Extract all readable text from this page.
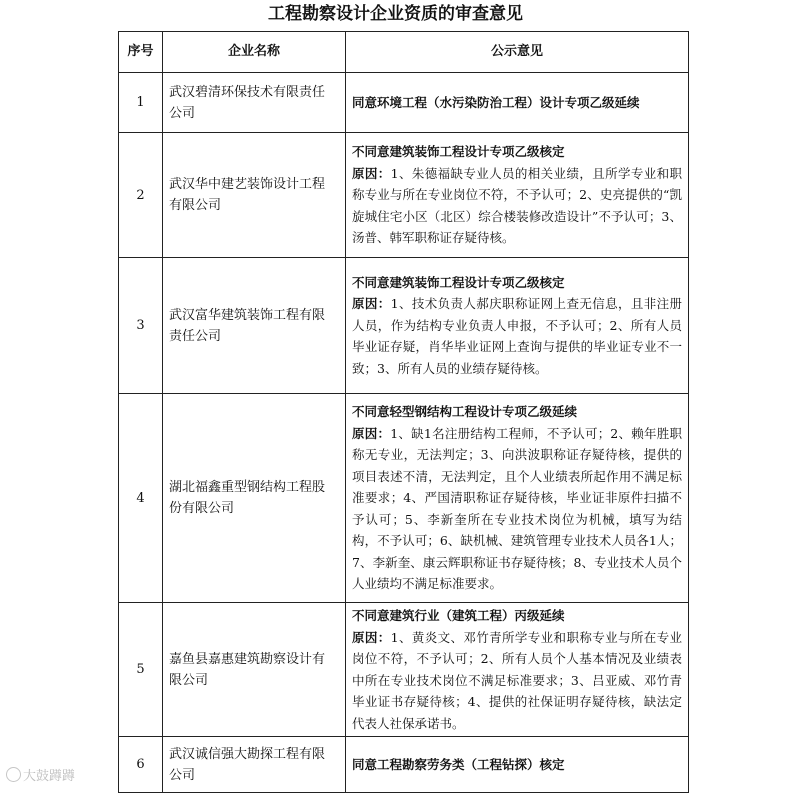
工程勘察设计企业资质的审查意见
序号	企业名称	公示意见
1	武汉碧清环保技术有限责任公司	同意环境工程（水污染防治工程）设计专项乙级延续

2	武汉华中建艺装饰设计工程有限公司	不同意建筑装饰工程设计专项乙级核定
原因：1、朱德福缺专业人员的相关业绩，且所学专业和职称专业与所在专业岗位不符，不予认可；2、史亮提供的“凯旋城住宅小区（北区）综合楼装修改造设计”不予认可；3、汤普、韩军职称证存疑待核。

3	武汉富华建筑装饰工程有限责任公司	不同意建筑装饰工程设计专项乙级核定
原因：1、技术负责人郝庆职称证网上查无信息，且非注册人员，作为结构专业负责人申报，不予认可；2、所有人员毕业证存疑，肖华毕业证网上查询与提供的毕业证专业不一致；3、所有人员的业绩存疑待核。

4	湖北福鑫重型钢结构工程股份有限公司	不同意轻型钢结构工程设计专项乙级延续
原因：1、缺1名注册结构工程师，不予认可；2、赖年胜职称无专业，无法判定；3、向洪波职称证存疑待核，提供的项目表述不清，无法判定，且个人业绩表所起作用不满足标准要求；4、严国清职称证存疑待核，毕业证非原件扫描不予认可；5、李新奎所在专业技术岗位为机械，填写为结构，不予认可；6、缺机械、建筑管理专业技术人员各1人；7、李新奎、康云辉职称证书存疑待核；8、专业技术人员个人业绩均不满足标准要求。

5	嘉鱼县嘉惠建筑勘察设计有限公司	不同意建筑行业（建筑工程）丙级延续
原因：1、黄炎文、邓竹青所学专业和职称专业与所在专业岗位不符，不予认可；2、所有人员个人基本情况及业绩表中所在专业技术岗位不满足标准要求；3、吕亚威、邓竹青毕业证书存疑待核；4、提供的社保证明存疑待核，缺法定代表人社保承诺书。

6	武汉诚信强大勘探工程有限公司	同意工程勘察劳务类（工程钻探）核定
大鼓蹲蹲
